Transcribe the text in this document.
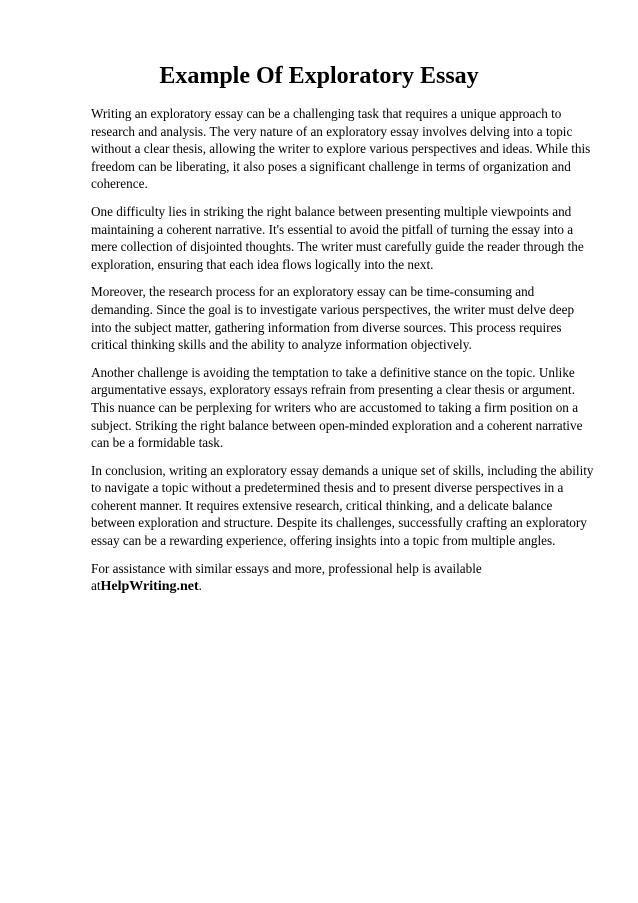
Example Of Exploratory Essay

Writing an exploratory essay can be a challenging task that requires a unique approach to research and analysis. The very nature of an exploratory essay involves delving into a topic without a clear thesis, allowing the writer to explore various perspectives and ideas. While this freedom can be liberating, it also poses a significant challenge in terms of organization and coherence.

One difficulty lies in striking the right balance between presenting multiple viewpoints and maintaining a coherent narrative. It's essential to avoid the pitfall of turning the essay into a mere collection of disjointed thoughts. The writer must carefully guide the reader through the exploration, ensuring that each idea flows logically into the next.

Moreover, the research process for an exploratory essay can be time-consuming and demanding. Since the goal is to investigate various perspectives, the writer must delve deep into the subject matter, gathering information from diverse sources. This process requires critical thinking skills and the ability to analyze information objectively.

Another challenge is avoiding the temptation to take a definitive stance on the topic. Unlike argumentative essays, exploratory essays refrain from presenting a clear thesis or argument. This nuance can be perplexing for writers who are accustomed to taking a firm position on a subject. Striking the right balance between open-minded exploration and a coherent narrative can be a formidable task.

In conclusion, writing an exploratory essay demands a unique set of skills, including the ability to navigate a topic without a predetermined thesis and to present diverse perspectives in a coherent manner. It requires extensive research, critical thinking, and a delicate balance between exploration and structure. Despite its challenges, successfully crafting an exploratory essay can be a rewarding experience, offering insights into a topic from multiple angles.

For assistance with similar essays and more, professional help is available atHelpWriting.net.
